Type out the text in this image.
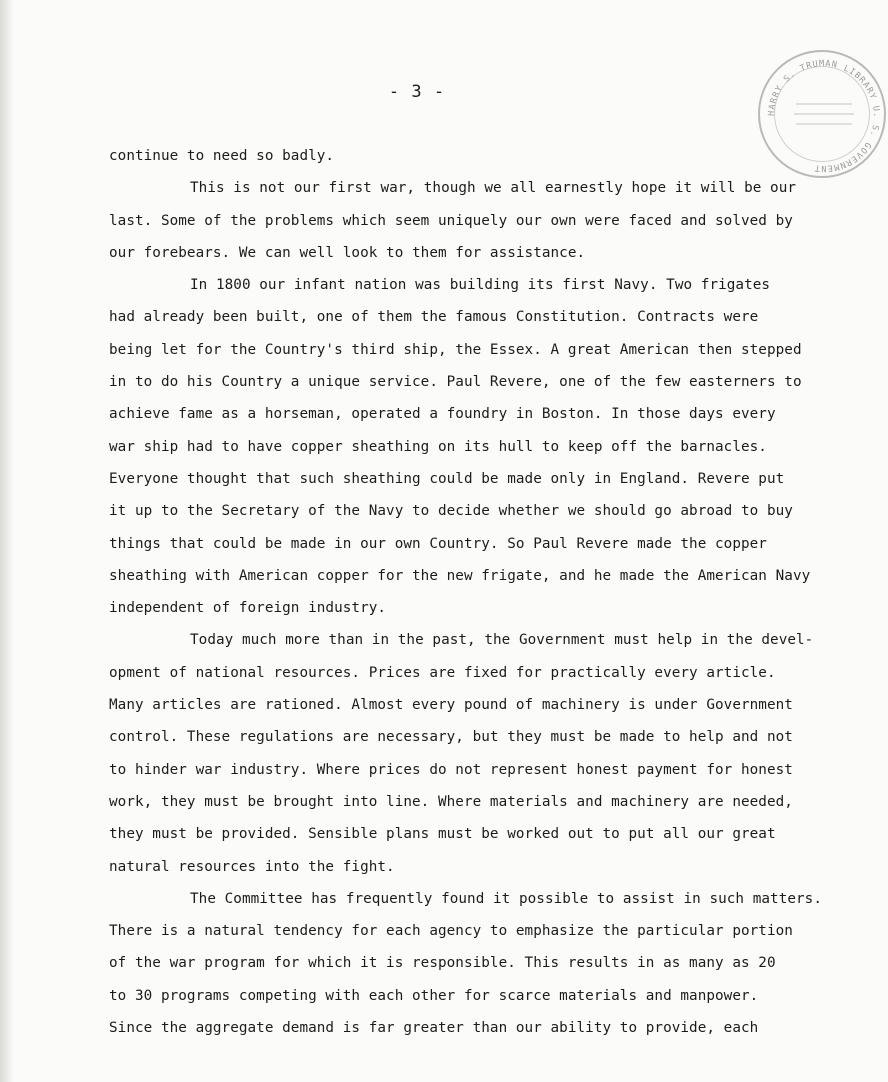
- 3 -
HARRY S. TRUMAN LIBRARY U. S. GOVERNMENT
continue to need so badly.
This is not our first war, though we all earnestly hope it will be our
last. Some of the problems which seem uniquely our own were faced and solved by
our forebears. We can well look to them for assistance.
In 1800 our infant nation was building its first Navy. Two frigates
had already been built, one of them the famous Constitution. Contracts were
being let for the Country's third ship, the Essex. A great American then stepped
in to do his Country a unique service. Paul Revere, one of the few easterners to
achieve fame as a horseman, operated a foundry in Boston. In those days every
war ship had to have copper sheathing on its hull to keep off the barnacles.
Everyone thought that such sheathing could be made only in England. Revere put
it up to the Secretary of the Navy to decide whether we should go abroad to buy
things that could be made in our own Country. So Paul Revere made the copper
sheathing with American copper for the new frigate, and he made the American Navy
independent of foreign industry.
Today much more than in the past, the Government must help in the devel-
opment of national resources. Prices are fixed for practically every article.
Many articles are rationed. Almost every pound of machinery is under Government
control. These regulations are necessary, but they must be made to help and not
to hinder war industry. Where prices do not represent honest payment for honest
work, they must be brought into line. Where materials and machinery are needed,
they must be provided. Sensible plans must be worked out to put all our great
natural resources into the fight.
The Committee has frequently found it possible to assist in such matters.
There is a natural tendency for each agency to emphasize the particular portion
of the war program for which it is responsible. This results in as many as 20
to 30 programs competing with each other for scarce materials and manpower.
Since the aggregate demand is far greater than our ability to provide, each
